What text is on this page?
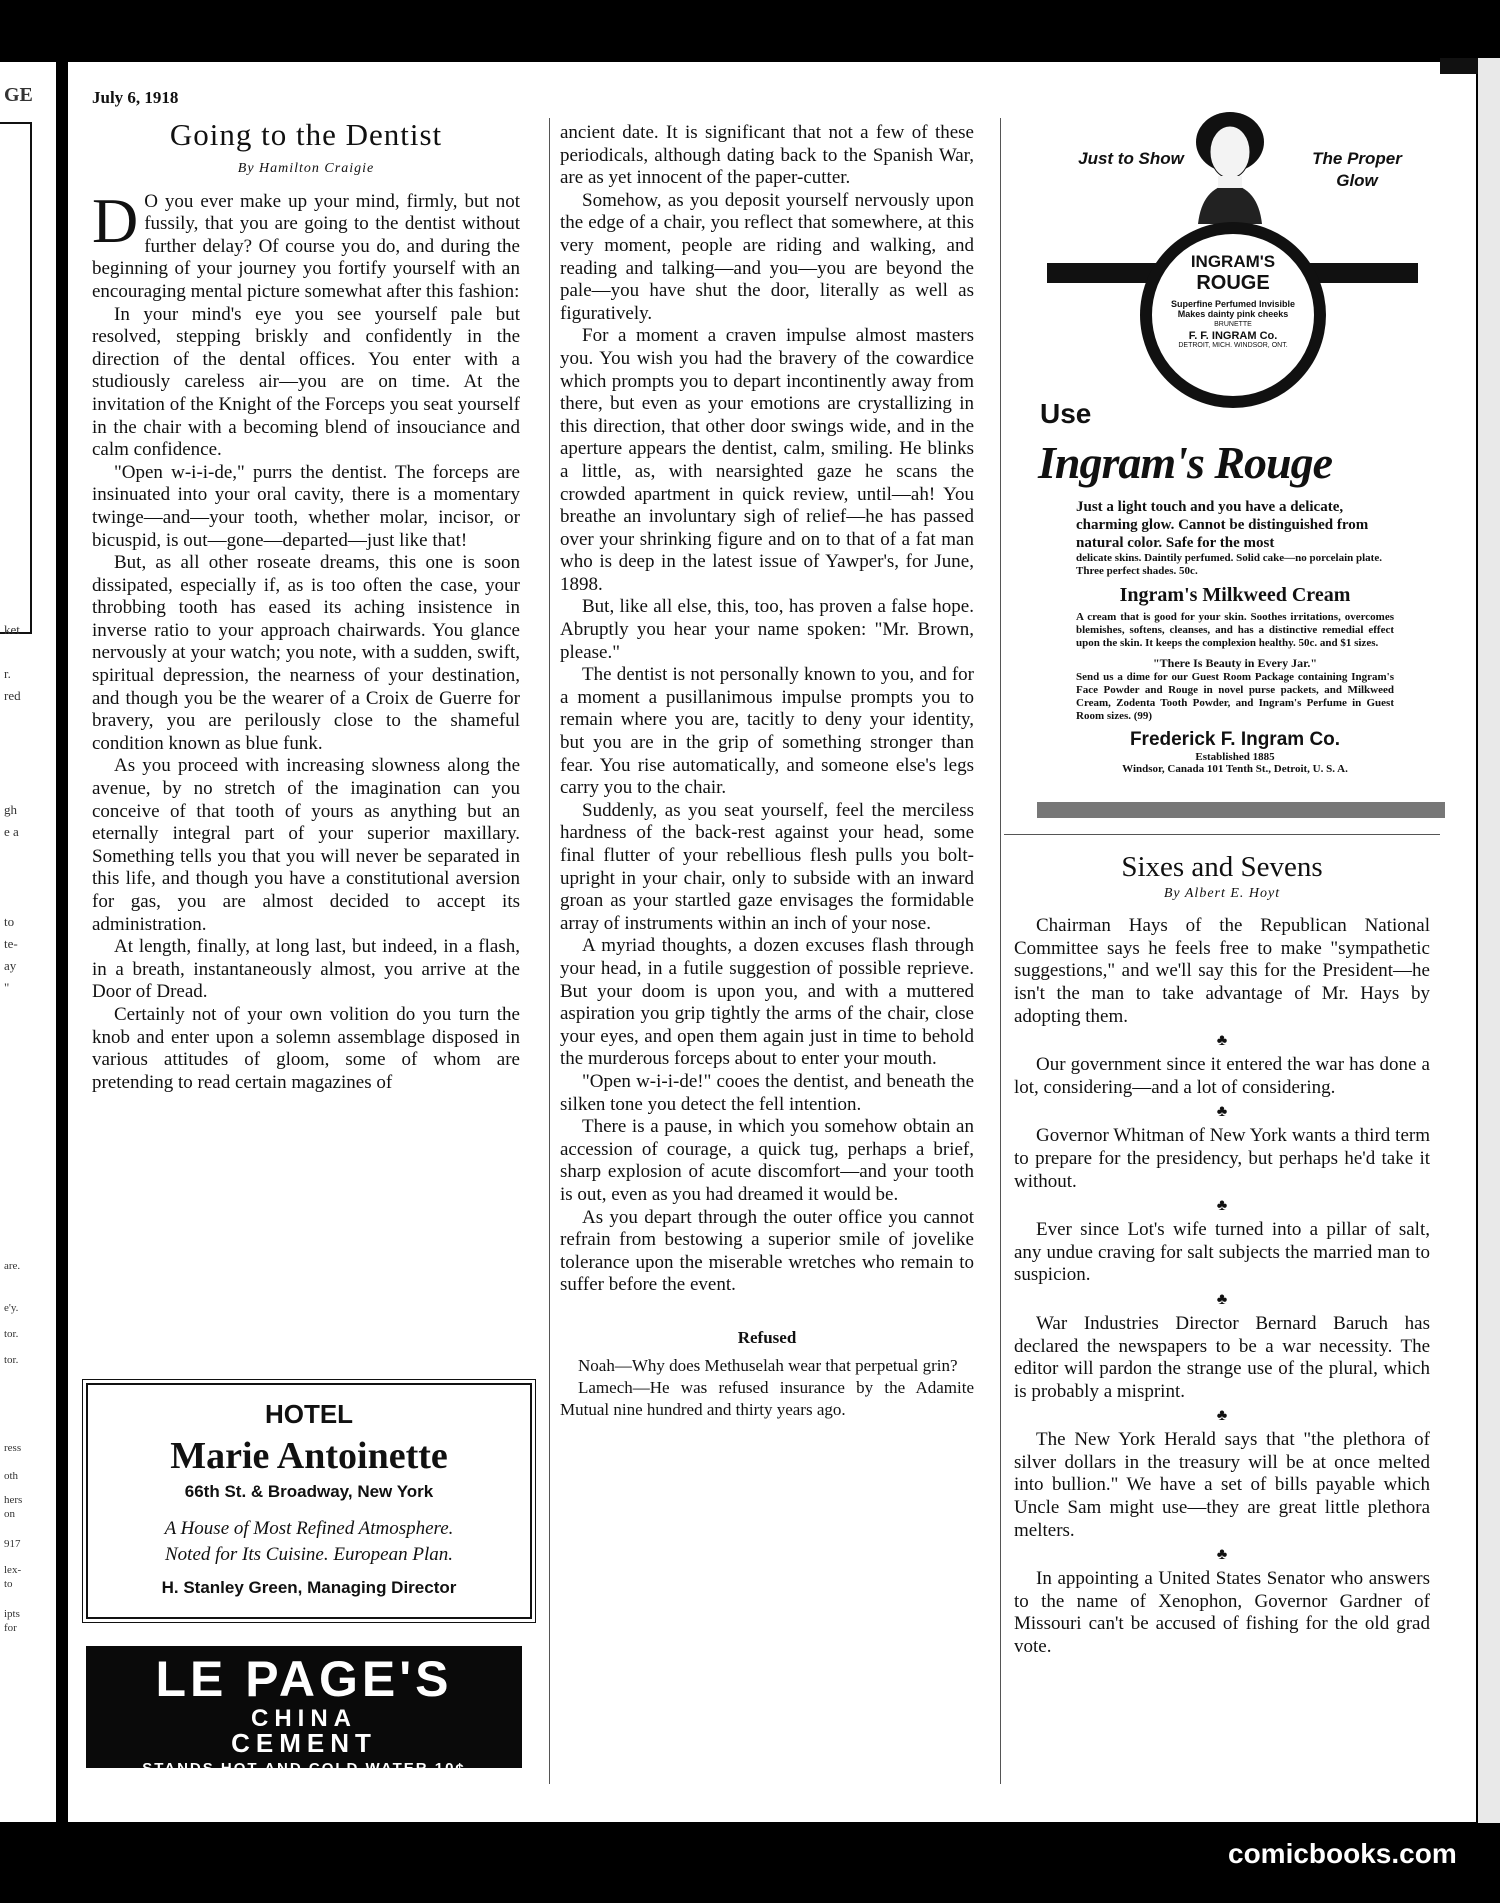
GE
ket
r.
red
gh
e a
to
te-
ay
"
are.
e'y.
tor.
tor.
ress
oth
hers
on
917
lex-
to
ipts
for
July 6, 1918
Going to the Dentist
By Hamilton Craigie

D O you ever make up your mind, firmly, but not fussily, that you are going to the dentist without further delay? Of course you do, and during the beginning of your journey you fortify yourself with an encouraging mental picture somewhat after this fashion:

In your mind's eye you see yourself pale but resolved, stepping briskly and confidently in the direction of the dental offices. You enter with a studiously careless air—you are on time. At the invitation of the Knight of the Forceps you seat yourself in the chair with a becoming blend of insouciance and calm confidence.

"Open w-i-i-de," purrs the dentist. The forceps are insinuated into your oral cavity, there is a momentary twinge—and—your tooth, whether molar, incisor, or bicuspid, is out—gone—departed—just like that!

But, as all other roseate dreams, this one is soon dissipated, especially if, as is too often the case, your throbbing tooth has eased its aching insistence in inverse ratio to your approach chairwards. You glance nervously at your watch; you note, with a sudden, swift, spiritual depression, the nearness of your destination, and though you be the wearer of a Croix de Guerre for bravery, you are perilously close to the shameful condition known as blue funk.

As you proceed with increasing slowness along the avenue, by no stretch of the imagination can you conceive of that tooth of yours as anything but an eternally integral part of your superior maxillary. Something tells you that you will never be separated in this life, and though you have a constitutional aversion for gas, you are almost decided to accept its administration.

At length, finally, at long last, but indeed, in a flash, in a breath, instantaneously almost, you arrive at the Door of Dread.

Certainly not of your own volition do you turn the knob and enter upon a solemn assemblage disposed in various attitudes of gloom, some of whom are pretending to read certain magazines of

HOTEL
Marie Antoinette
66th St. & Broadway, New York
A House of Most Refined Atmosphere.
Noted for Its Cuisine. European Plan.
H. Stanley Green, Managing Director
LE PAGE'S
CHINA
CEMENT
STANDS HOT AND COLD WATER 10¢

ancient date. It is significant that not a few of these periodicals, although dating back to the Spanish War, are as yet innocent of the paper-cutter.

Somehow, as you deposit yourself nervously upon the edge of a chair, you reflect that somewhere, at this very moment, people are riding and walking, and reading and talking—and you—you are beyond the pale—you have shut the door, literally as well as figuratively.

For a moment a craven impulse almost masters you. You wish you had the bravery of the cowardice which prompts you to depart incontinently away from there, but even as your emotions are crystallizing in this direction, that other door swings wide, and in the aperture appears the dentist, calm, smiling. He blinks a little, as, with nearsighted gaze he scans the crowded apartment in quick review, until—ah! You breathe an involuntary sigh of relief—he has passed over your shrinking figure and on to that of a fat man who is deep in the latest issue of Yawper's, for June, 1898.

But, like all else, this, too, has proven a false hope. Abruptly you hear your name spoken: "Mr. Brown, please."

The dentist is not personally known to you, and for a moment a pusillanimous impulse prompts you to remain where you are, tacitly to deny your identity, but you are in the grip of something stronger than fear. You rise automatically, and someone else's legs carry you to the chair.

Suddenly, as you seat yourself, feel the merciless hardness of the back-rest against your head, some final flutter of your rebellious flesh pulls you bolt-upright in your chair, only to subside with an inward groan as your startled gaze envisages the formidable array of instruments within an inch of your nose.

A myriad thoughts, a dozen excuses flash through your head, in a futile suggestion of possible reprieve. But your doom is upon you, and with a muttered aspiration you grip tightly the arms of the chair, close your eyes, and open them again just in time to behold the murderous forceps about to enter your mouth.

"Open w-i-i-de!" cooes the dentist, and beneath the silken tone you detect the fell intention.

There is a pause, in which you somehow obtain an accession of courage, a quick tug, perhaps a brief, sharp explosion of acute discomfort—and your tooth is out, even as you had dreamed it would be.

As you depart through the outer office you cannot refrain from bestowing a superior smile of jovelike tolerance upon the miserable wretches who remain to suffer before the event.

Refused

Noah—Why does Methuselah wear that perpetual grin?

Lamech—He was refused insurance by the Adamite Mutual nine hundred and thirty years ago.

Just to Show	The Proper Glow
INGRAM'S
ROUGE
Superfine Perfumed Invisible
Makes dainty pink cheeks
BRUNETTE
F. F. INGRAM Co.
DETROIT, MICH. WINDSOR, ONT.
Use
Ingram's Rouge
Just a light touch and you have a delicate, charming glow. Cannot be distinguished from natural color. Safe for the most
delicate skins. Daintily perfumed. Solid cake—no porcelain plate. Three perfect shades. 50c.
Ingram's Milkweed Cream
A cream that is good for your skin. Soothes irritations, overcomes blemishes, softens, cleanses, and has a distinctive remedial effect upon the skin. It keeps the complexion healthy. 50c. and $1 sizes.
"There Is Beauty in Every Jar."
Send us a dime for our Guest Room Package containing Ingram's Face Powder and Rouge in novel purse packets, and Milkweed Cream, Zodenta Tooth Powder, and Ingram's Perfume in Guest Room sizes. (99)
Frederick F. Ingram Co.
Established 1885
Windsor, Canada 101 Tenth St., Detroit, U. S. A.
Sixes and Sevens
By Albert E. Hoyt

Chairman Hays of the Republican National Committee says he feels free to make "sympathetic suggestions," and we'll say this for the President—he isn't the man to take advantage of Mr. Hays by adopting them.

♣

Our government since it entered the war has done a lot, considering—and a lot of considering.

♣

Governor Whitman of New York wants a third term to prepare for the presidency, but perhaps he'd take it without.

♣

Ever since Lot's wife turned into a pillar of salt, any undue craving for salt subjects the married man to suspicion.

♣

War Industries Director Bernard Baruch has declared the newspapers to be a war necessity. The editor will pardon the strange use of the plural, which is probably a misprint.

♣

The New York Herald says that "the plethora of silver dollars in the treasury will be at once melted into bullion." We have a set of bills payable which Uncle Sam might use—they are great little plethora melters.

♣

In appointing a United States Senator who answers to the name of Xenophon, Governor Gardner of Missouri can't be accused of fishing for the old grad vote.

comicbooks.com
